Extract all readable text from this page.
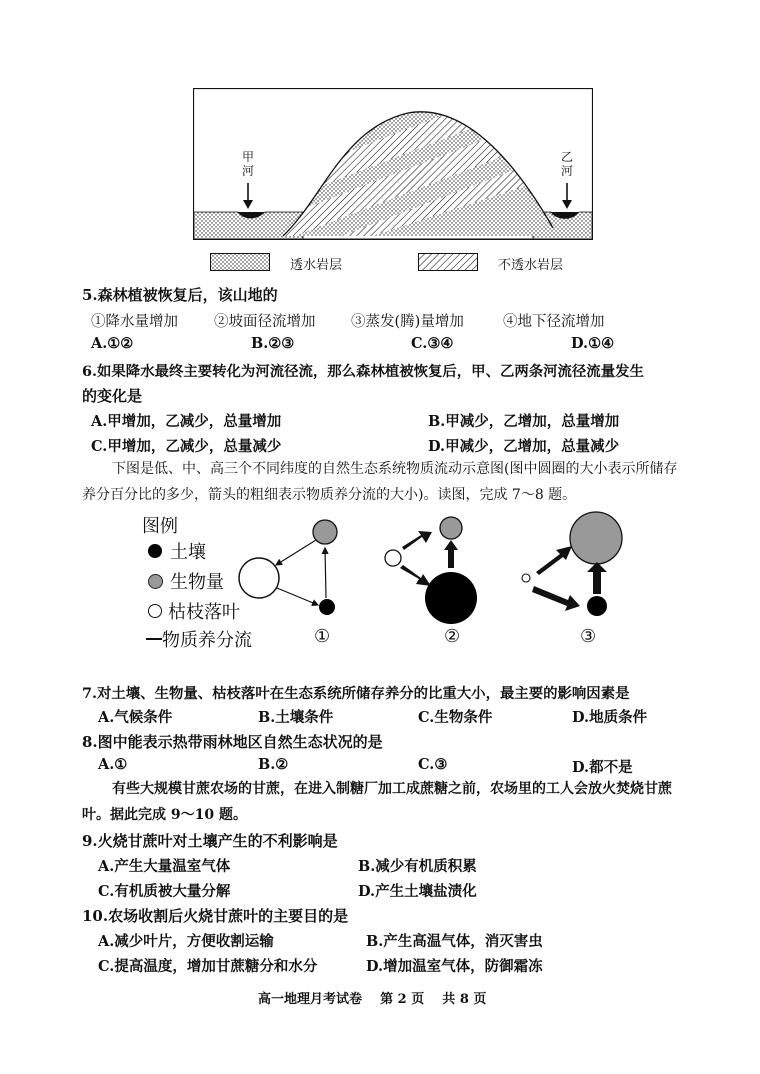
甲河
乙河
透水岩层	不透水岩层
5.森林植被恢复后，该山地的
①降水量增加 ②坡面径流增加 ③蒸发(腾)量增加	④地下径流增加
A.①②	B.②③	C.③④	D.①④
6.如果降水最终主要转化为河流径流，那么森林植被恢复后，甲、乙两条河流径流量发生
的变化是
A.甲增加，乙减少，总量增加	B.甲减少，乙增加，总量增加
C.甲增加，乙减少，总量减少	D.甲减少，乙增加，总量减少
下图是低、中、高三个不同纬度的自然生态系统物质流动示意图(图中圆圈的大小表示所储存养分百分比的多少，箭头的粗细表示物质养分流的大小)。读图，完成 7～8 题。
图例
土壤
生物量
枯枝落叶
物质养分流	①	②	③
7.对土壤、生物量、枯枝落叶在生态系统所储存养分的比重大小，最主要的影响因素是
A.气候条件	B.土壤条件	C.生物条件	D.地质条件
8.图中能表示热带雨林地区自然生态状况的是
A.①	B.②	C.③	D.都不是
有些大规模甘蔗农场的甘蔗，在进入制糖厂加工成蔗糖之前，农场里的工人会放火焚烧甘蔗叶。据此完成 9～10 题。
9.火烧甘蔗叶对土壤产生的不利影响是
A.产生大量温室气体	B.减少有机质积累
C.有机质被大量分解	D.产生土壤盐渍化
10.农场收割后火烧甘蔗叶的主要目的是
A.减少叶片，方便收割运输	B.产生高温气体，消灭害虫
C.提高温度，增加甘蔗糖分和水分	D.增加温室气体，防御霜冻
高一地理月考试卷    第 2 页    共 8 页
